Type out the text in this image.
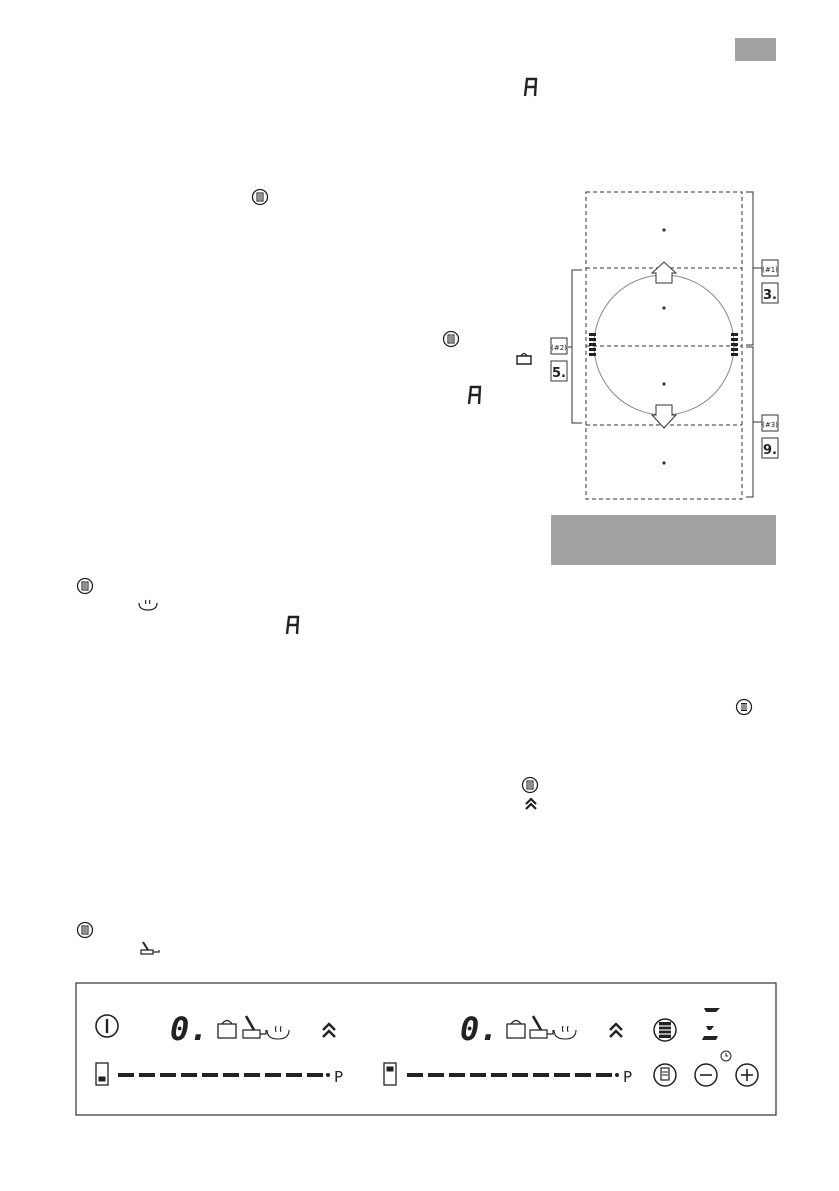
(#1)
3.
(#2)
5.
(#3)
9.
0.
P
0.
P
